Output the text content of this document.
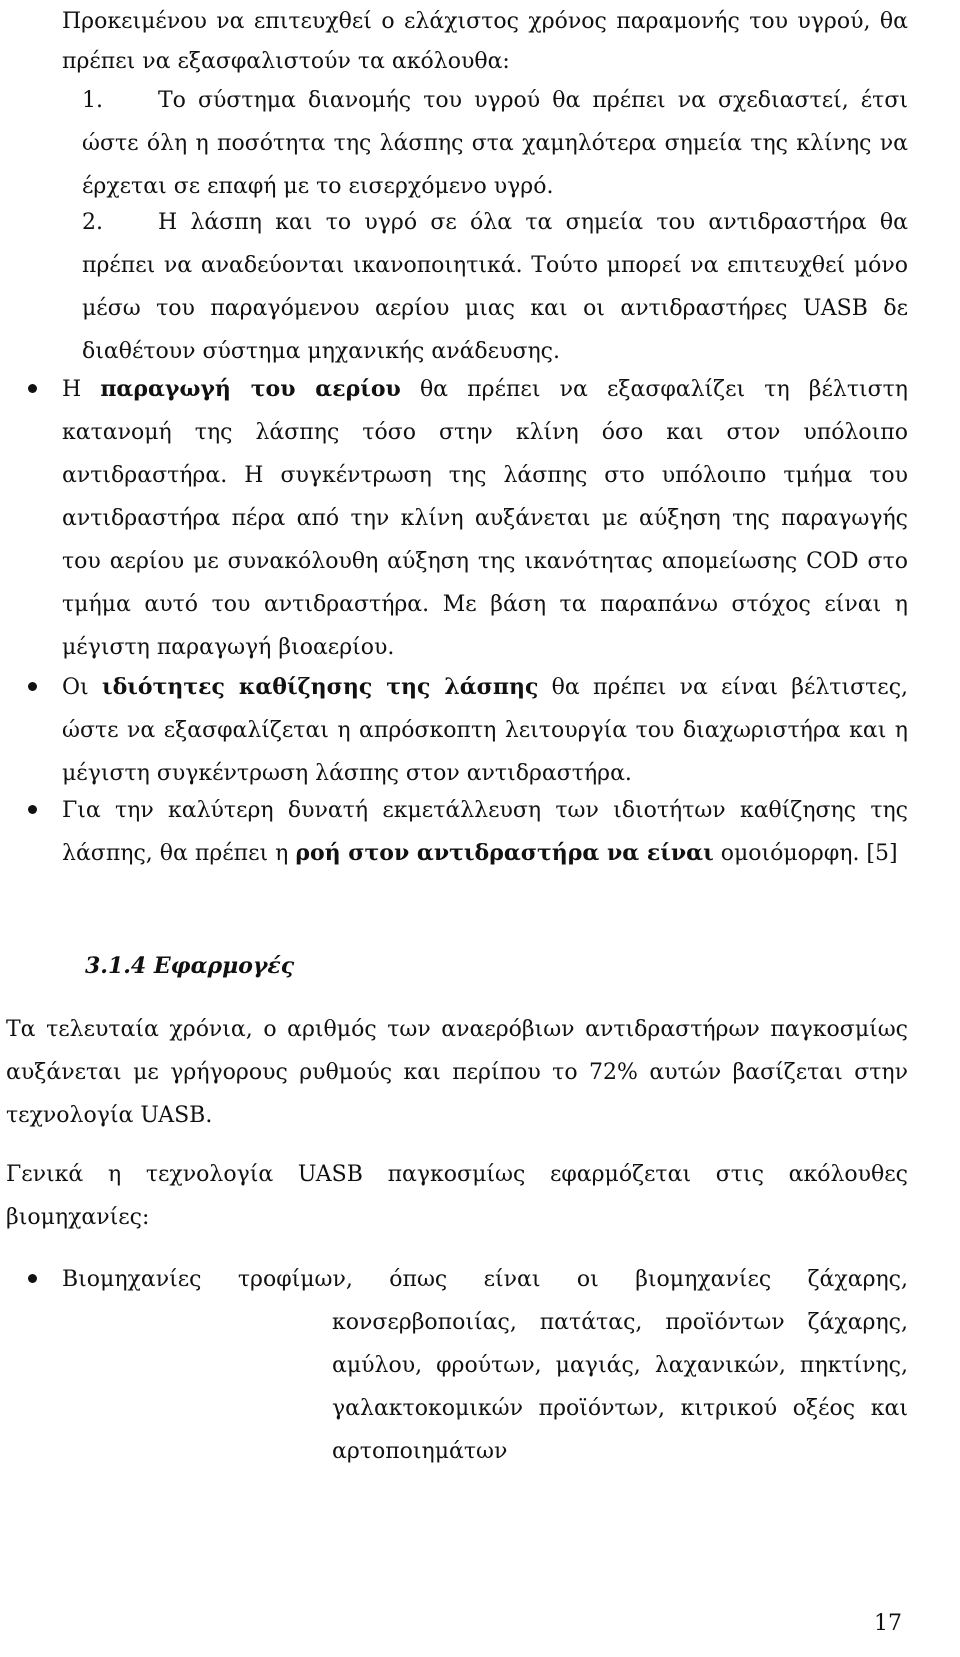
Προκειμένου να επιτευχθεί ο ελάχιστος χρόνος παραμονής του υγρού, θα πρέπει να εξασφαλιστούν τα ακόλουθα:

1.	Το σύστημα διανομής του υγρού θα πρέπει να σχεδιαστεί, έτσι ώστε όλη η ποσότητα της λάσπης στα χαμηλότερα σημεία της κλίνης να έρχεται σε επαφή με το εισερχόμενο υγρό.

2.	Η λάσπη και το υγρό σε όλα τα σημεία του αντιδραστήρα θα πρέπει να αναδεύονται ικανοποιητικά. Τούτο μπορεί να επιτευχθεί μόνο μέσω του παραγόμενου αερίου μιας και οι αντιδραστήρες UASB δε διαθέτουν σύστημα μηχανικής ανάδευσης.

Η παραγωγή του αερίου θα πρέπει να εξασφαλίζει τη βέλτιστη κατανομή της λάσπης τόσο στην κλίνη όσο και στον υπόλοιπο αντιδραστήρα. Η συγκέντρωση της λάσπης στο υπόλοιπο τμήμα του αντιδραστήρα πέρα από την κλίνη αυξάνεται με αύξηση της παραγωγής του αερίου με συνακόλουθη αύξηση της ικανότητας απομείωσης COD στο τμήμα αυτό του αντιδραστήρα. Με βάση τα παραπάνω στόχος είναι η μέγιστη παραγωγή βιοαερίου.
Οι ιδιότητες καθίζησης της λάσπης θα πρέπει να είναι βέλτιστες, ώστε να εξασφαλίζεται η απρόσκοπτη λειτουργία του διαχωριστήρα και η μέγιστη συγκέντρωση λάσπης στον αντιδραστήρα.
Για την καλύτερη δυνατή εκμετάλλευση των ιδιοτήτων καθίζησης της λάσπης, θα πρέπει η ροή στον αντιδραστήρα να είναι ομοιόμορφη. [5]
3.1.4 Εφαρμογές

Τα τελευταία χρόνια, ο αριθμός των αναερόβιων αντιδραστήρων παγκοσμίως αυξάνεται με γρήγορους ρυθμούς και περίπου το 72% αυτών βασίζεται στην τεχνολογία UASB.

Γενικά η τεχνολογία UASB παγκοσμίως εφαρμόζεται στις ακόλουθες βιομηχανίες:

Βιομηχανίες τροφίμων, όπως είναι οι βιομηχανίες ζάχαρης,

κονσερβοποιίας, πατάτας, προϊόντων ζάχαρης, αμύλου, φρούτων, μαγιάς, λαχανικών, πηκτίνης, γαλακτοκομικών προϊόντων, κιτρικού οξέος και αρτοποιημάτων

17
